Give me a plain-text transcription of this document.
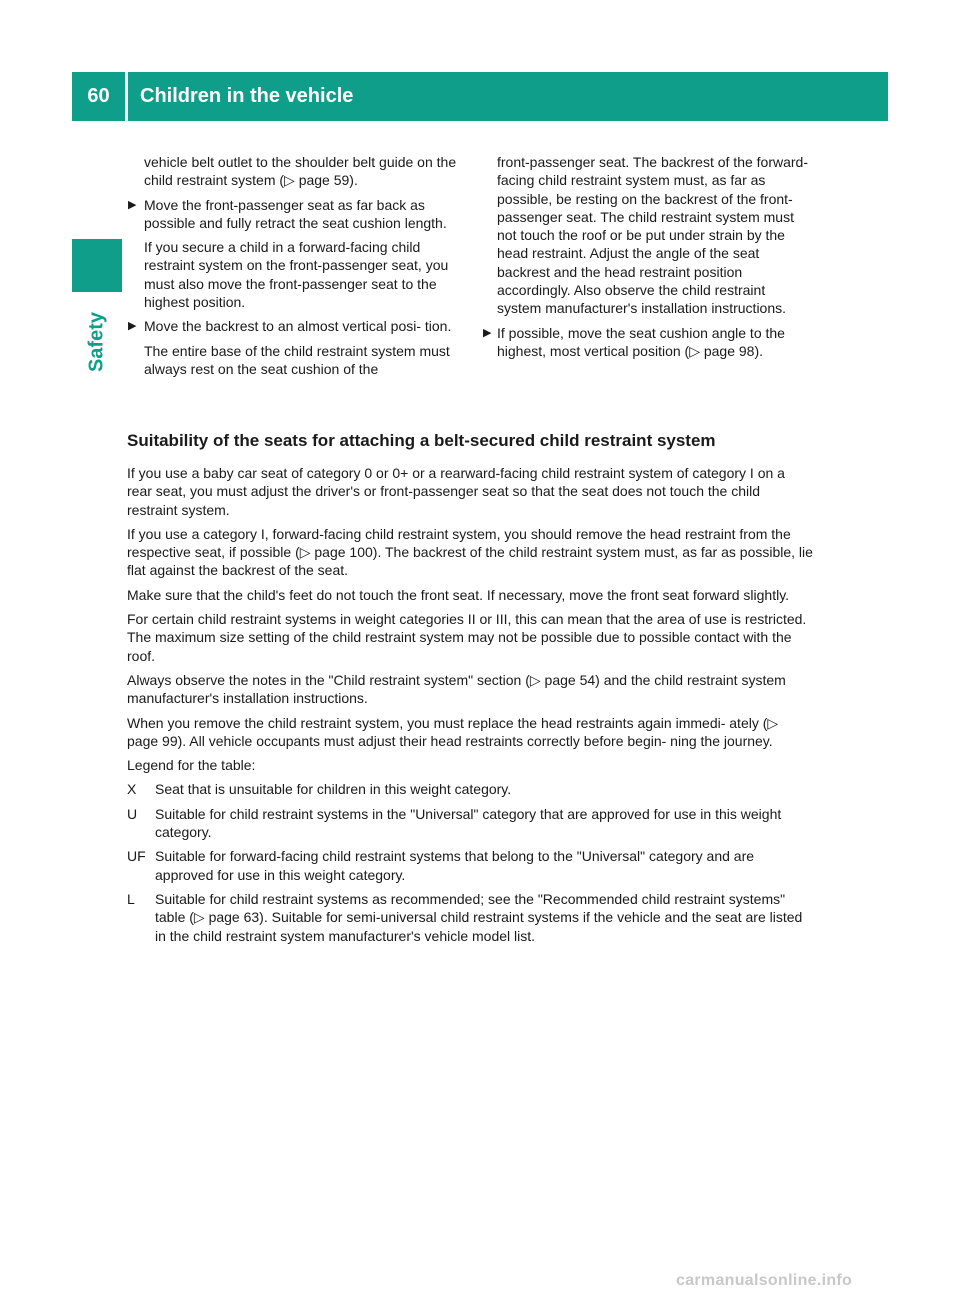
60	Children in the vehicle
Safety

vehicle belt outlet to the shoulder belt guide on the child restraint system (▷ page 59).

▶ Move the front-passenger seat as far back as possible and fully retract the seat cushion length.

If you secure a child in a forward-facing child restraint system on the front-passenger seat, you must also move the front-passenger seat to the highest position.

▶ Move the backrest to an almost vertical posi- tion.

The entire base of the child restraint system must always rest on the seat cushion of the

front-passenger seat. The backrest of the forward-facing child restraint system must, as far as possible, be resting on the backrest of the front-passenger seat. The child restraint system must not touch the roof or be put under strain by the head restraint. Adjust the angle of the seat backrest and the head restraint position accordingly. Also observe the child restraint system manufacturer's installation instructions.

▶ If possible, move the seat cushion angle to the highest, most vertical position (▷ page 98).

Suitability of the seats for attaching a belt-secured child restraint system

If you use a baby car seat of category 0 or 0+ or a rearward-facing child restraint system of category I on a rear seat, you must adjust the driver's or front-passenger seat so that the seat does not touch the child restraint system.

If you use a category I, forward-facing child restraint system, you should remove the head restraint from the respective seat, if possible (▷ page 100). The backrest of the child restraint system must, as far as possible, lie flat against the backrest of the seat.

Make sure that the child's feet do not touch the front seat. If necessary, move the front seat forward slightly.

For certain child restraint systems in weight categories II or III, this can mean that the area of use is restricted. The maximum size setting of the child restraint system may not be possible due to possible contact with the roof.

Always observe the notes in the "Child restraint system" section (▷ page 54) and the child restraint system manufacturer's installation instructions.

When you remove the child restraint system, you must replace the head restraints again immedi- ately (▷ page 99). All vehicle occupants must adjust their head restraints correctly before begin- ning the journey.

Legend for the table:

X	Seat that is unsuitable for children in this weight category.
U	Suitable for child restraint systems in the "Universal" category that are approved for use in this weight category.
UF Suitable for forward-facing child restraint systems that belong to the "Universal" category and are approved for use in this weight category.
L	Suitable for child restraint systems as recommended; see the "Recommended child restraint systems" table (▷ page 63). Suitable for semi-universal child restraint systems if the vehicle and the seat are listed in the child restraint system manufacturer's vehicle model list.
carmanualsonline.info
